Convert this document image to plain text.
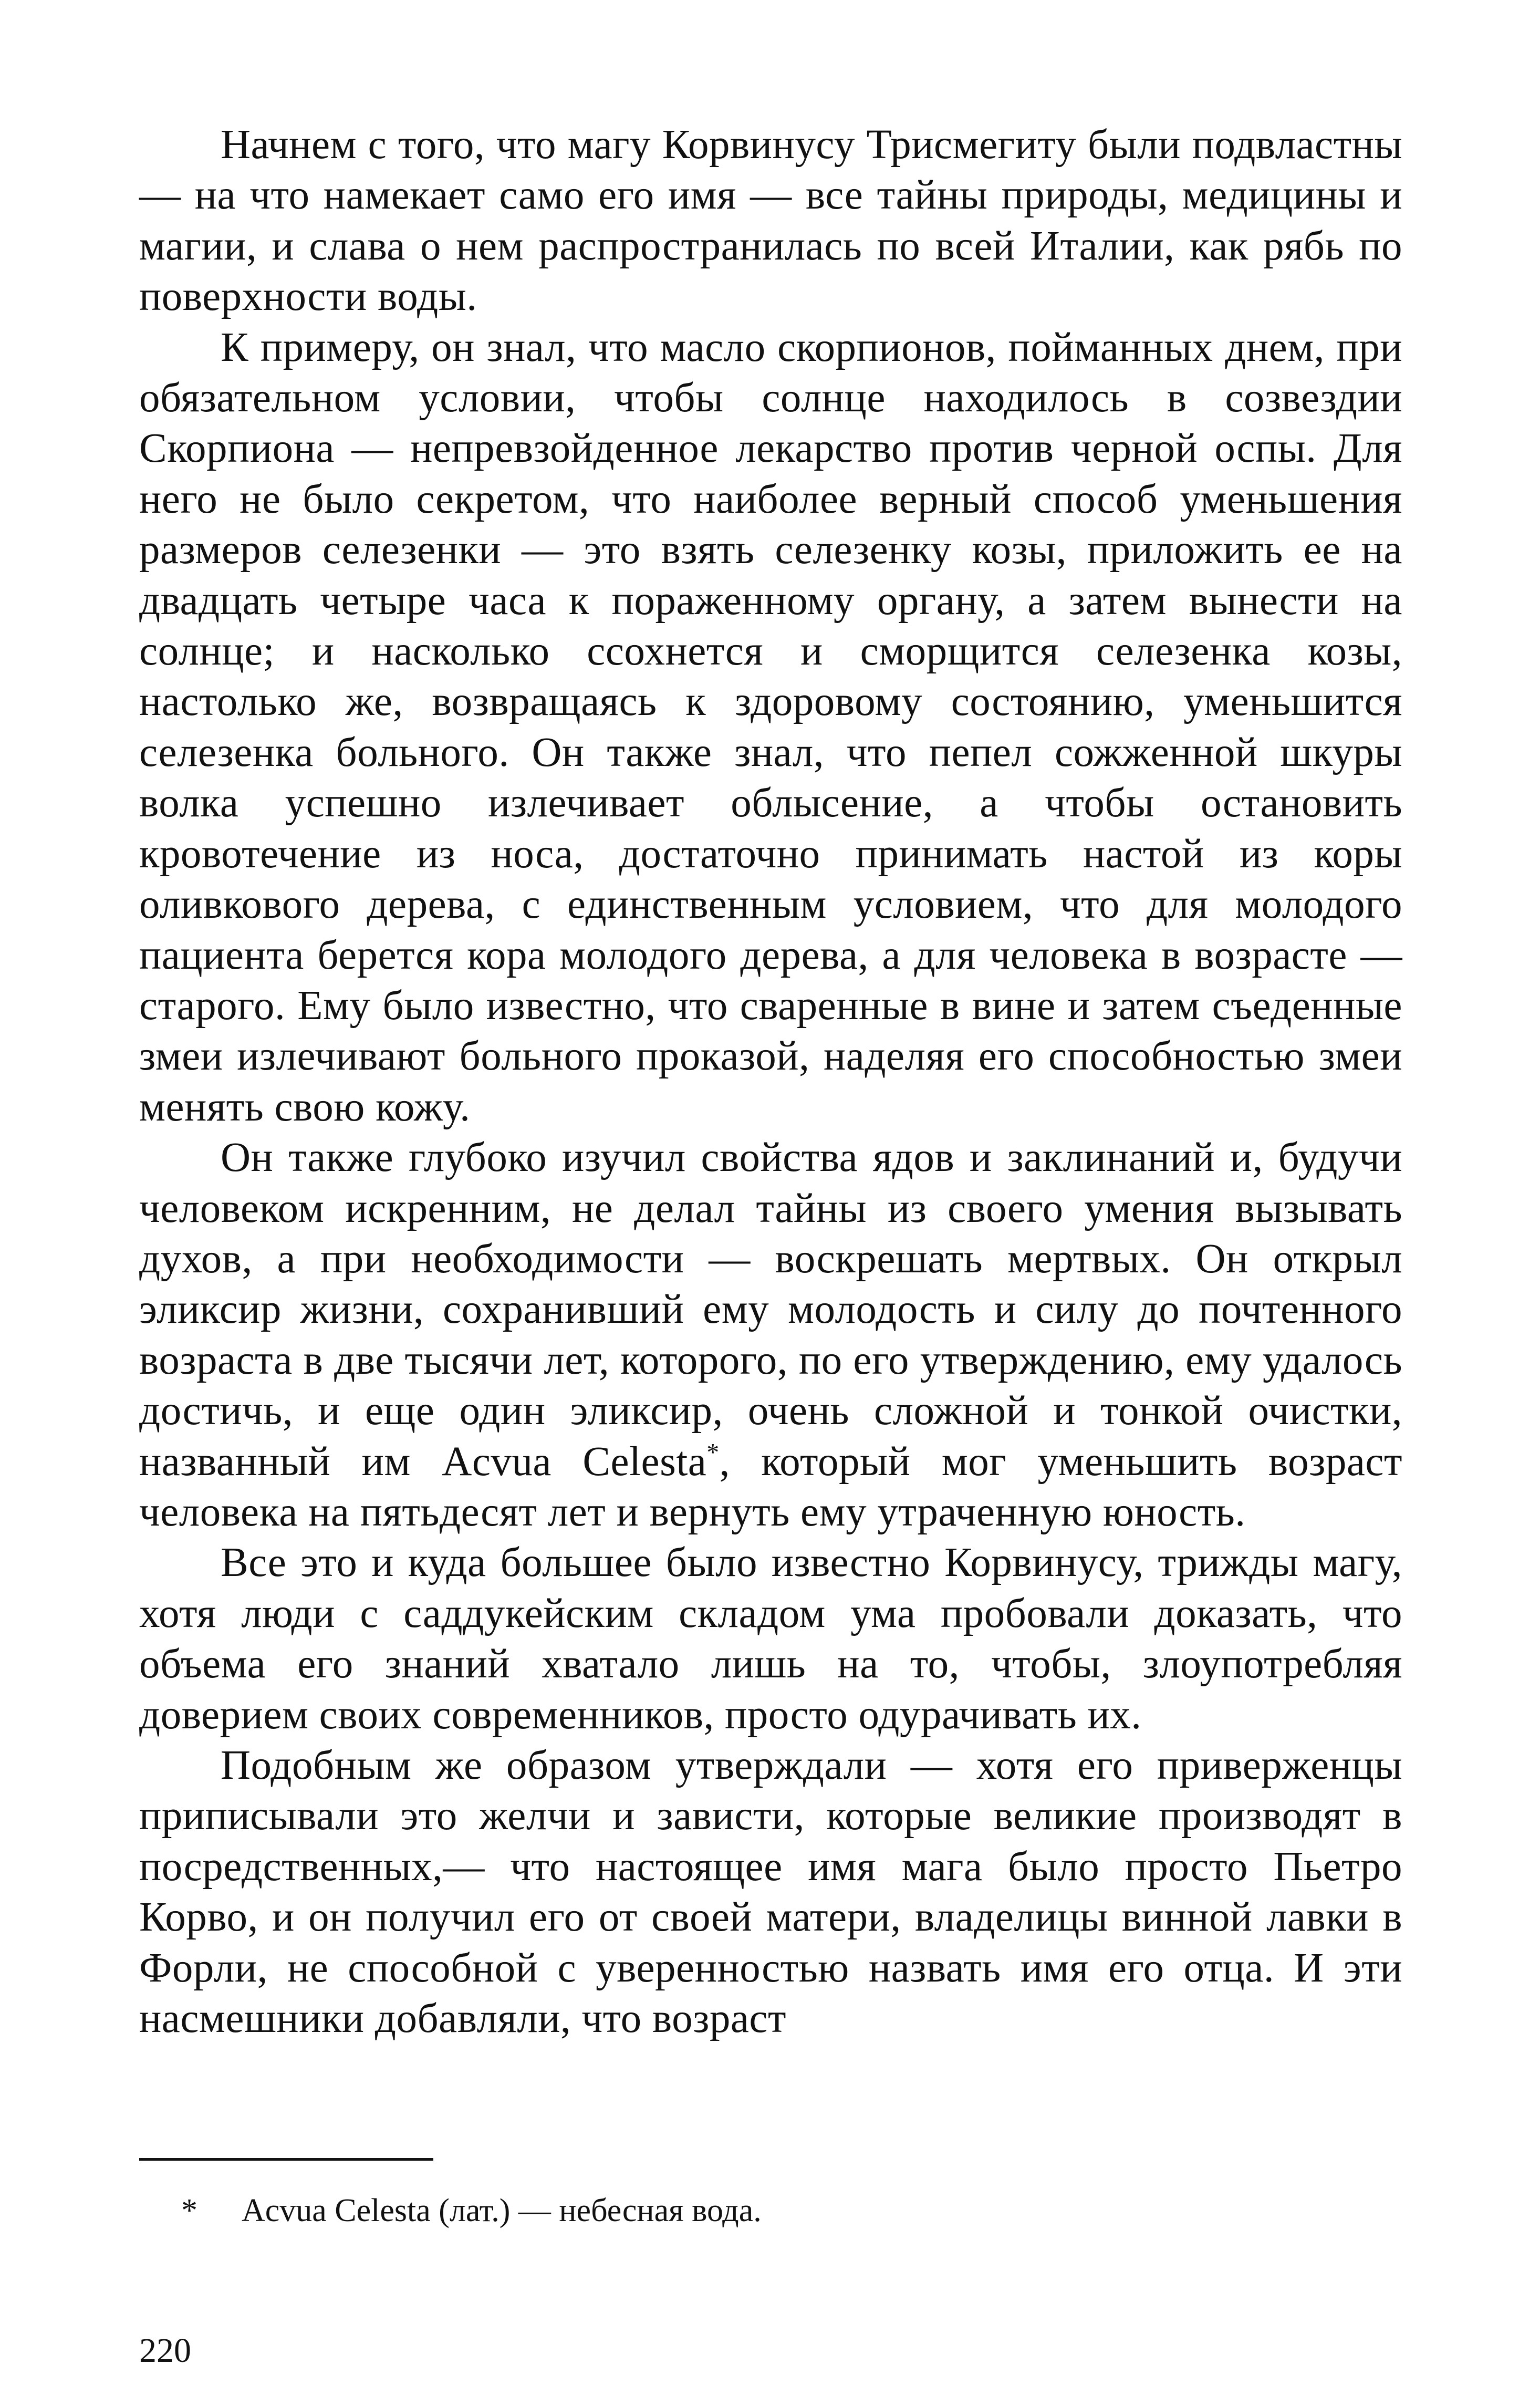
Начнем с того, что магу Корвинусу Трисмегиту были подвластны — на что намекает само его имя — все тайны природы, медицины и магии, и слава о нем распространилась по всей Италии, как рябь по поверхности воды.

К примеру, он знал, что масло скорпионов, пойманных днем, при обязательном условии, чтобы солнце находилось в созвездии Скорпиона — непревзойденное лекарство против черной оспы. Для него не было секретом, что наиболее верный способ уменьшения размеров селезенки — это взять селезенку козы, приложить ее на двадцать четыре часа к пораженному органу, а затем вынести на солнце; и насколько ссохнется и сморщится селезенка козы, настолько же, возвращаясь к здоровому состоянию, уменьшится селезенка больного. Он также знал, что пепел сожженной шкуры волка успешно излечивает облысение, а чтобы остановить кровотечение из носа, достаточно принимать настой из коры оливкового дерева, с единственным условием, что для молодого пациента берется кора молодого дерева, а для человека в возрасте — старого. Ему было известно, что сваренные в вине и затем съеденные змеи излечивают больного проказой, наделяя его способностью змеи менять свою кожу.

Он также глубоко изучил свойства ядов и заклинаний и, будучи человеком искренним, не делал тайны из своего умения вызывать духов, а при необходимости — воскрешать мертвых. Он открыл эликсир жизни, сохранивший ему молодость и силу до почтенного возраста в две тысячи лет, которого, по его утверждению, ему удалось достичь, и еще один эликсир, очень сложной и тонкой очистки, названный им Acvua Celesta*, который мог уменьшить возраст человека на пятьдесят лет и вернуть ему утраченную юность.

Все это и куда большее было известно Корвинусу, трижды магу, хотя люди с саддукейским складом ума пробовали доказать, что объема его знаний хватало лишь на то, чтобы, злоупотребляя доверием своих современников, просто одурачивать их.

Подобным же образом утверждали — хотя его приверженцы приписывали это желчи и зависти, которые великие производят в посредственных,— что настоящее имя мага было просто Пьетро Корво, и он получил его от своей матери, владелицы винной лавки в Форли, не способной с уверенностью назвать имя его отца. И эти насмешники добавляли, что возраст

* Acvua Celesta (лат.) — небесная вода.
220
